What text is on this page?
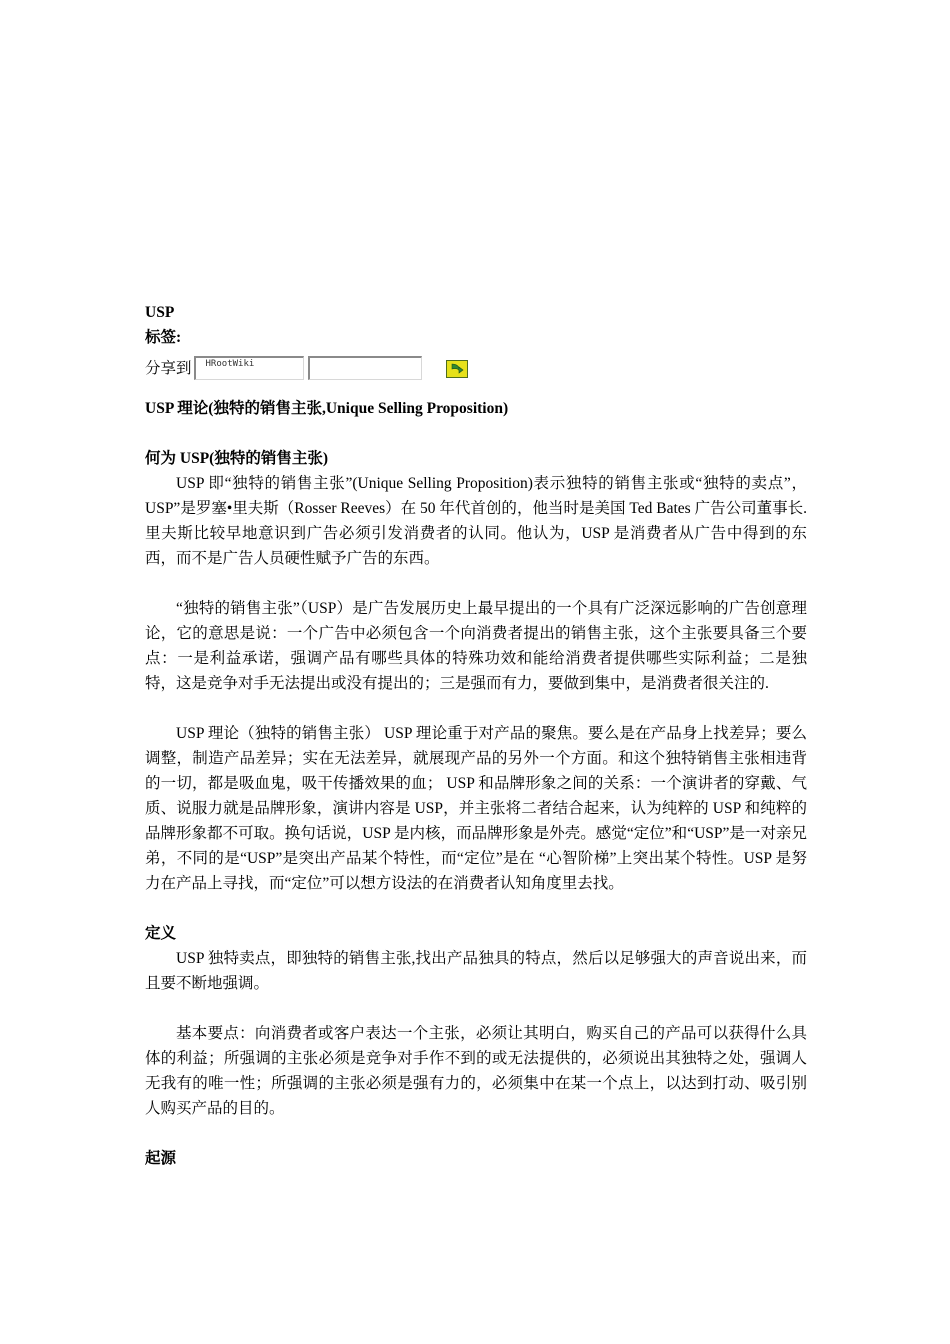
USP
标签:
分享到	HRootWiki
USP 理论(独特的销售主张,Unique Selling Proposition)
何为 USP(独特的销售主张)
USP 即“独特的销售主张”(Unique Selling Proposition)表示独特的销售主张或“独特的卖点”，USP”是罗塞•里夫斯（Rosser Reeves）在 50 年代首创的，他当时是美国 Ted Bates 广告公司董事长.里夫斯比较早地意识到广告必须引发消费者的认同。他认为，USP 是消费者从广告中得到的东西，而不是广告人员硬性赋予广告的东西。
“独特的销售主张”（USP）是广告发展历史上最早提出的一个具有广泛深远影响的广告创意理论，它的意思是说：一个广告中必须包含一个向消费者提出的销售主张，这个主张要具备三个要点：一是利益承诺，强调产品有哪些具体的特殊功效和能给消费者提供哪些实际利益；二是独特，这是竞争对手无法提出或没有提出的；三是强而有力，要做到集中，是消费者很关注的.
USP 理论（独特的销售主张） USP 理论重于对产品的聚焦。要么是在产品身上找差异；要么调整，制造产品差异；实在无法差异，就展现产品的另外一个方面。和这个独特销售主张相违背的一切，都是吸血鬼，吸干传播效果的血； USP 和品牌形象之间的关系：一个演讲者的穿戴、气质、说服力就是品牌形象，演讲内容是 USP，并主张将二者结合起来，认为纯粹的 USP 和纯粹的品牌形象都不可取。换句话说，USP 是内核，而品牌形象是外壳。感觉“定位”和“USP”是一对亲兄弟，不同的是“USP”是突出产品某个特性，而“定位”是在 “心智阶梯”上突出某个特性。USP 是努力在产品上寻找，而“定位”可以想方设法的在消费者认知角度里去找。
定义
USP 独特卖点，即独特的销售主张,找出产品独具的特点，然后以足够强大的声音说出来，而且要不断地强调。
基本要点：向消费者或客户表达一个主张，必须让其明白，购买自己的产品可以获得什么具体的利益；所强调的主张必须是竞争对手作不到的或无法提供的，必须说出其独特之处，强调人无我有的唯一性；所强调的主张必须是强有力的，必须集中在某一个点上，以达到打动、吸引别人购买产品的目的。
起源
